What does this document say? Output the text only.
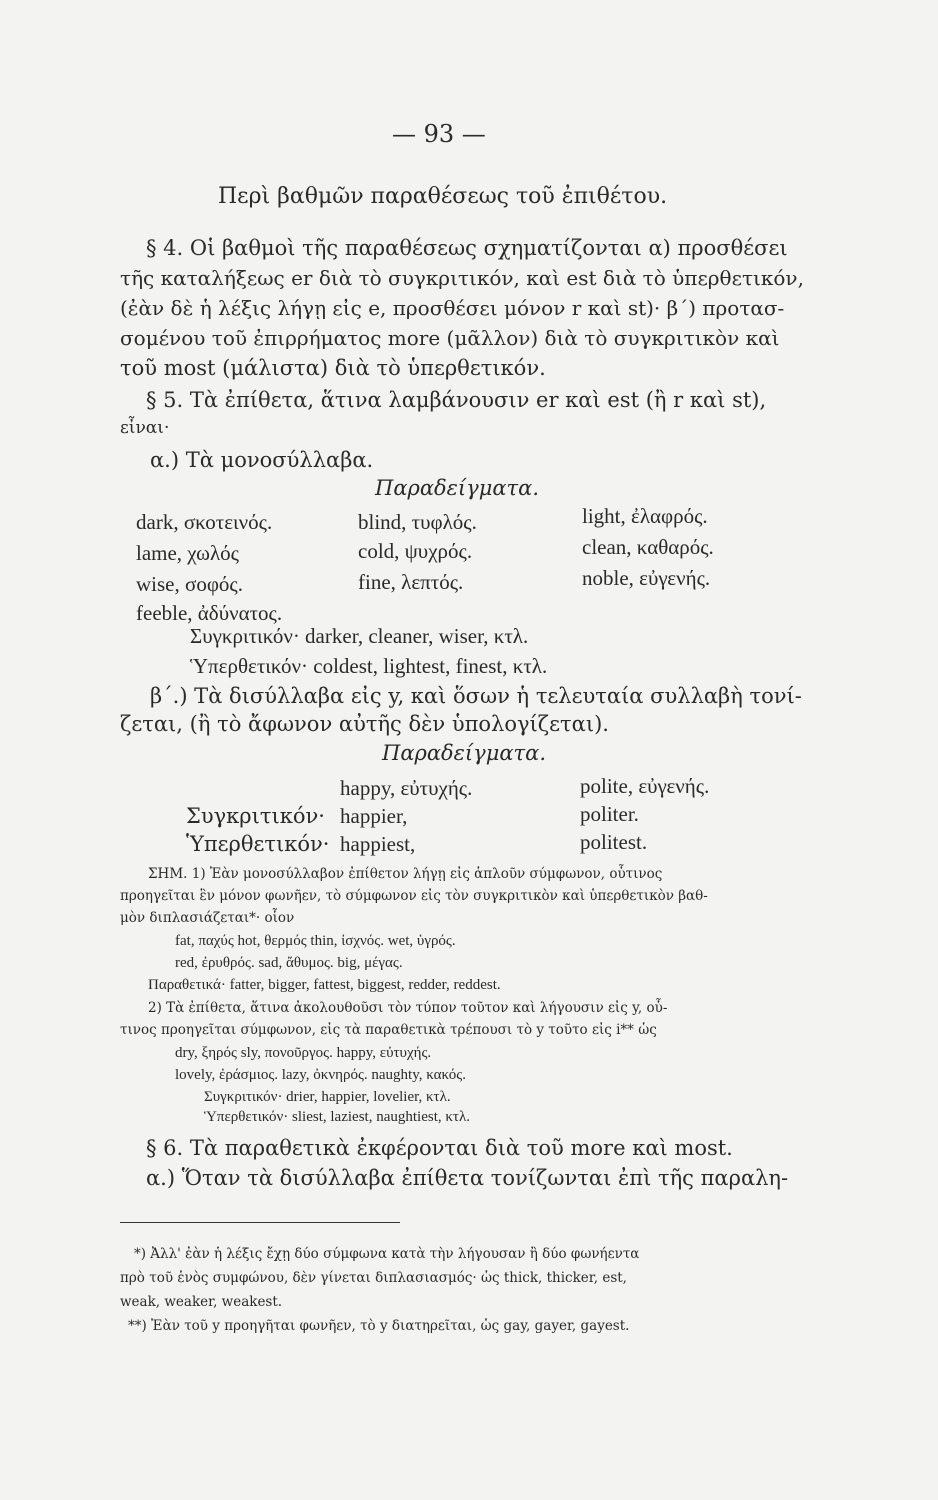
— 93 —
Περὶ βαθμῶν παραθέσεως τοῦ ἐπιθέτου.
§ 4. Οἱ βαθμοὶ τῆς παραθέσεως σχηματίζονται α) προσθέσει
τῆς καταλήξεως er διὰ τὸ συγκριτικόν, καὶ est διὰ τὸ ὑπερθετικόν,
(ἐὰν δὲ ἡ λέξις λήγῃ εἰς e, προσθέσει μόνον r καὶ st)· β΄) προτασ-
σομένου τοῦ ἐπιρρήματος more (μᾶλλον) διὰ τὸ συγκριτικὸν καὶ
τοῦ most (μάλιστα) διὰ τὸ ὑπερθετικόν.
§ 5. Τὰ ἐπίθετα, ἅτινα λαμβάνουσιν er καὶ est (ἢ r καὶ st),
εἶναι·
α.) Τὰ μονοσύλλαβα.
Παραδείγματα.
dark, σκοτεινός.	blind, τυφλός.	light, ἐλαφρός.
lame, χωλός	cold, ψυχρός.	clean, καθαρός.
wise, σοφός.	fine, λεπτός.	noble, εὐγενής.
feeble, ἀδύνατος.
Συγκριτικόν· darker, cleaner, wiser, κτλ.
Ὑπερθετικόν· coldest, lightest, finest, κτλ.
β΄.) Τὰ δισύλλαβα εἰς y, καὶ ὅσων ἡ τελευταία συλλαβὴ τονί-
ζεται, (ἢ τὸ ἄφωνον αὐτῆς δὲν ὑπολογίζεται).
Παραδείγματα.
happy, εὐτυχής.	polite, εὐγενής.
Συγκριτικόν· happier,	politer.
Ὑπερθετικόν· happiest,	politest.
ΣΗΜ. 1) Ἐὰν μονοσύλλαβον ἐπίθετον λήγῃ εἰς ἁπλοῦν σύμφωνον, οὗτινος
προηγεῖται ἓν μόνον φωνῆεν, τὸ σύμφωνον εἰς τὸν συγκριτικὸν καὶ ὑπερθετικὸν βαθ-
μὸν διπλασιάζεται*· οἷον
fat, παχύς hot, θερμός thin, ἰσχνός. wet, ὑγρός.
red, ἐρυθρός. sad, ἄθυμος. big, μέγας.
Παραθετικά· fatter, bigger, fattest, biggest, redder, reddest.
2) Τὰ ἐπίθετα, ἅτινα ἀκολουθοῦσι τὸν τύπον τοῦτον καὶ λήγουσιν εἰς y, οὗ-
τινος προηγεῖται σύμφωνον, εἰς τὰ παραθετικὰ τρέπουσι τὸ y τοῦτο εἰς i** ὡς
dry, ξηρός sly, πονοῦργος. happy, εὐτυχής.
lovely, ἐράσμιος. lazy, ὀκνηρός. naughty, κακός.
Συγκριτικόν· drier, happier, lovelier, κτλ.
Ὑπερθετικόν· sliest, laziest, naughtiest, κτλ.
§ 6. Τὰ παραθετικὰ ἐκφέρονται διὰ τοῦ more καὶ most.
α.) Ὅταν τὰ δισύλλαβα ἐπίθετα τονίζωνται ἐπὶ τῆς παραλη-
*) Ἀλλ' ἐὰν ἡ λέξις ἔχῃ δύο σύμφωνα κατὰ τὴν λήγουσαν ἢ δύο φωνήεντα
πρὸ τοῦ ἑνὸς συμφώνου, δὲν γίνεται διπλασιασμός· ὡς thick, thicker, est,
weak, weaker, weakest.
**) Ἐὰν τοῦ y προηγῆται φωνῆεν, τὸ y διατηρεῖται, ὡς gay, gayer, gayest.
